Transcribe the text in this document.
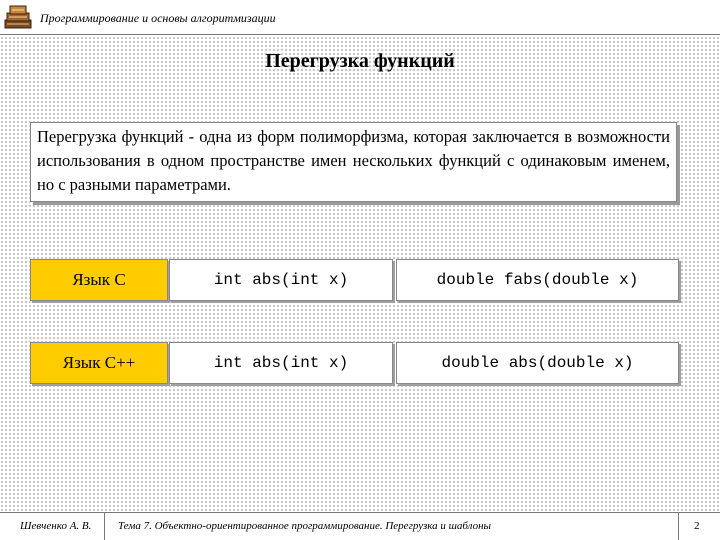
Программирование и основы алгоритмизации
Перегрузка функций
Перегрузка функций - одна из форм полиморфизма, которая заключается в возможности использования в одном пространстве имен нескольких функций с одинаковым именем, но с разными параметрами.
Язык C	int abs(int x)	double fabs(double x)
Язык C++	int abs(int x)	double abs(double x)
Шевченко А. В. Тема 7. Объектно-ориентированное программирование. Перегрузка и шаблоны	2
